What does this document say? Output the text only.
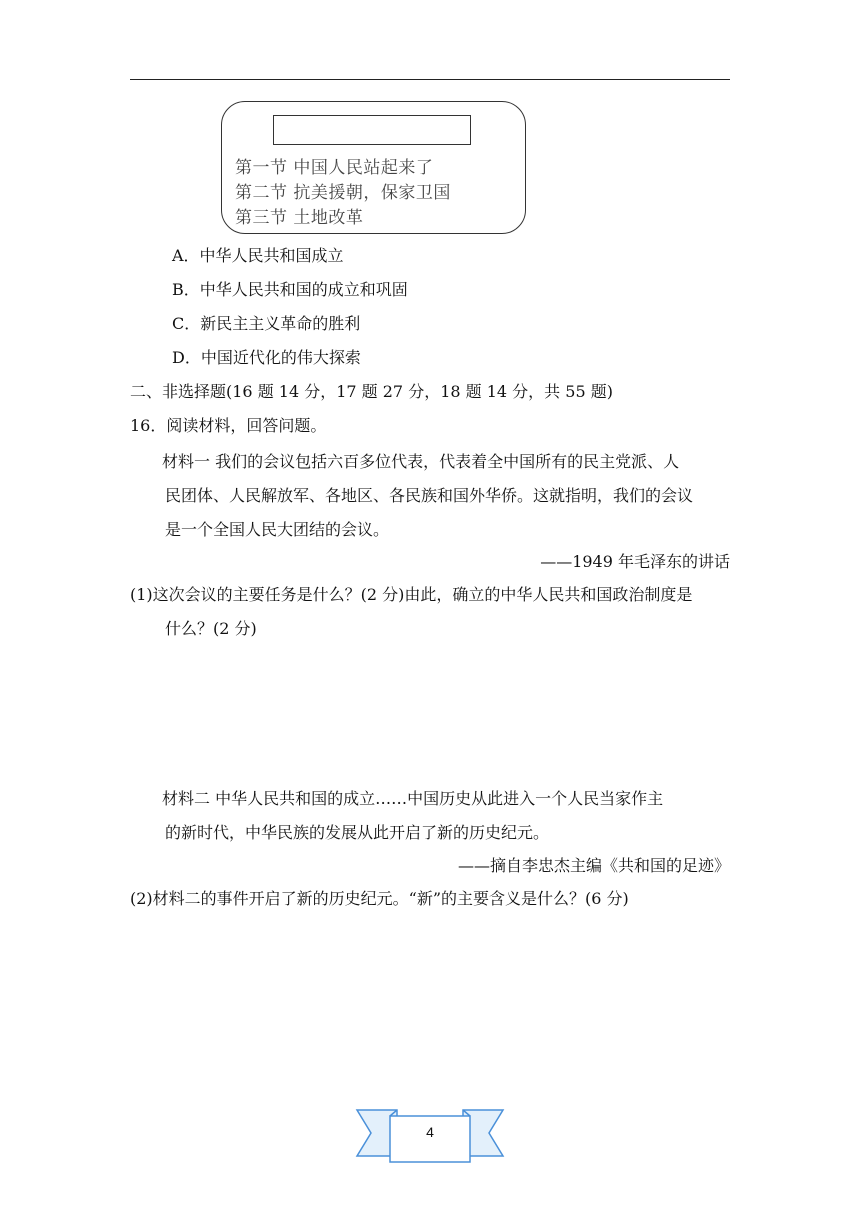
第一节 中国人民站起来了
第二节 抗美援朝，保家卫国
第三节 土地改革
A．中华人民共和国成立
B．中华人民共和国的成立和巩固
C．新民主主义革命的胜利
D．中国近代化的伟大探索
二、非选择题(16 题 14 分，17 题 27 分，18 题 14 分，共 55 题)
16．阅读材料，回答问题。
材料一 我们的会议包括六百多位代表，代表着全中国所有的民主党派、人
民团体、人民解放军、各地区、各民族和国外华侨。这就指明，我们的会议
是一个全国人民大团结的会议。
——1949 年毛泽东的讲话
(1)这次会议的主要任务是什么？(2 分)由此，确立的中华人民共和国政治制度是
什么？(2 分)
材料二 中华人民共和国的成立……中国历史从此进入一个人民当家作主
的新时代，中华民族的发展从此开启了新的历史纪元。
——摘自李忠杰主编《共和国的足迹》
(2)材料二的事件开启了新的历史纪元。“新”的主要含义是什么？(6 分)
4
